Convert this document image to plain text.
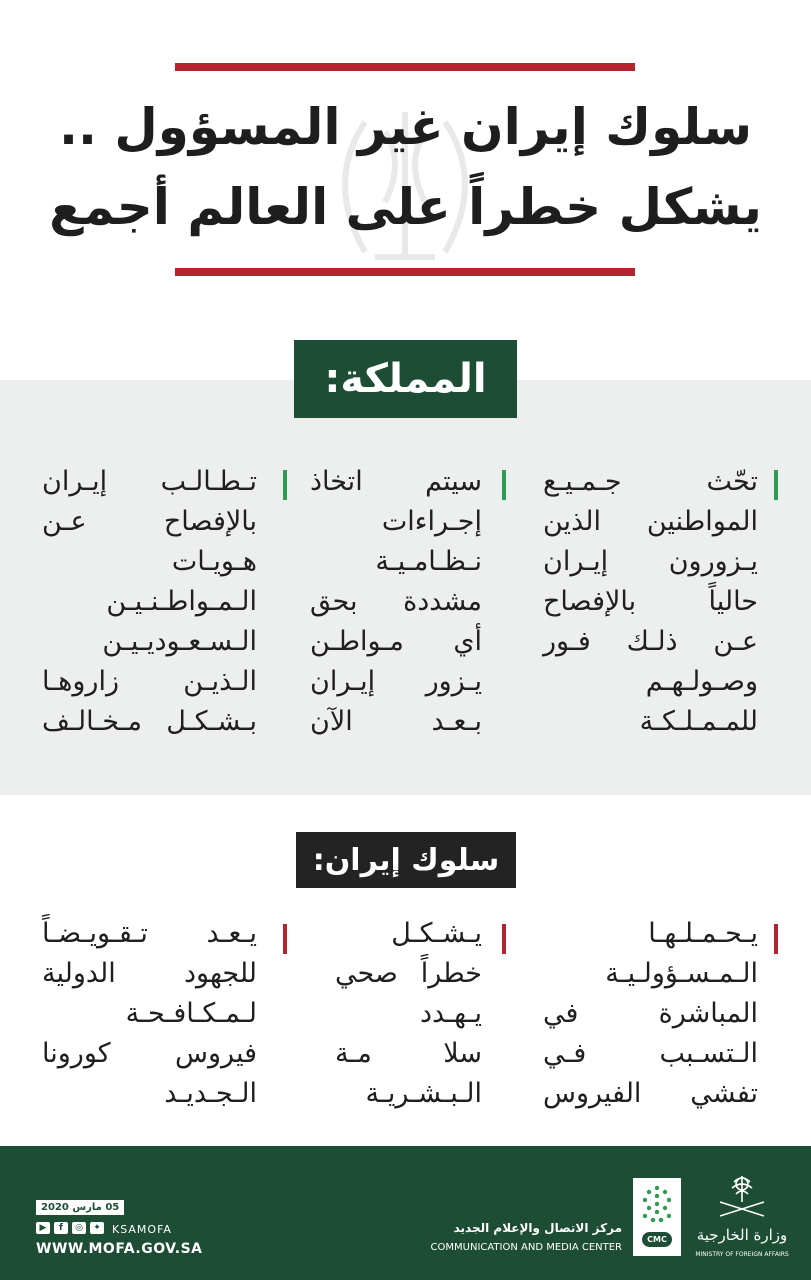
سلوك إيران غير المسؤول ..
يشكل خطراً على العالم أجمع
المملكة:
تحّث جـمـيـع
المواطنين الذين
يـزورون إيـران
حالياً بالإفصاح
عـن ذلـك فـور
وصـولـهـم
للمـمـلـكـة
سيتم اتخاذ
إجـراءات
نـظـامـيـة
مشددة بحق
أي مـواطـن
يـزور إيـران
بـعـد الآن
تـطـالـب إيـران
بالإفصاح عـن
هـويـات
الـمـواطـنـيـن
الـسـعـوديـيـن
الـذيـن زاروهـا
بـشـكـل مـخـالـف
سلوك إيران:
يـحـمـلـهـا
الـمـسـؤولـيـة
المباشرة في
الـتسـبب فـي
تفشي الفيروس
يـشـكـل
خطراً صحي
يـهـدد
سلا مـة
الـبـشـريـة
يـعـد تـقـويـضـاً
للجهود الدولية
لـمـكـافـحـة
فيروس كورونا
الـجـديـد
05 مارس 2020
▶	f	◎	✦ KSAMOFA
WWW.MOFA.GOV.SA
مركز الاتصال والإعلام الجديد
COMMUNICATION AND MEDIA CENTER
CMC	وزارة الخارجية
MINISTRY OF FOREIGN AFFAIRS
